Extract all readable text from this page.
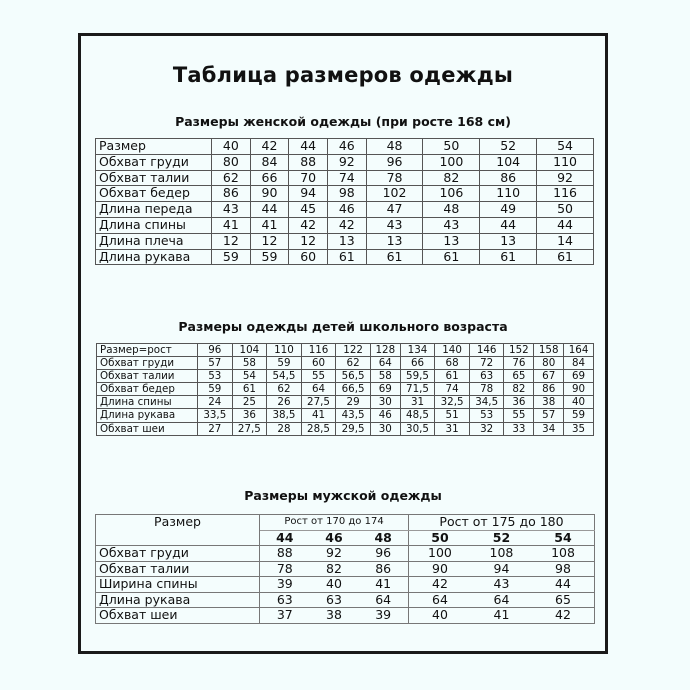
Таблица размеров одежды
Размеры женской одежды (при росте 168 см)
Размер	40	42	44	46	48	50	52	54
Обхват груди	80	84	88	92	96	100	104	110
Обхват талии	62	66	70	74	78	82	86	92
Обхват бедер	86	90	94	98	102	106	110	116
Длина переда	43	44	45	46	47	48	49	50
Длина спины	41	41	42	42	43	43	44	44
Длина плеча	12	12	12	13	13	13	13	14
Длина рукава	59	59	60	61	61	61	61	61
Размеры одежды детей школьного возраста
Размер=рост	96	104	110	116	122	128	134	140	146	152	158	164
Обхват груди	57	58	59	60	62	64	66	68	72	76	80	84
Обхват талии	53	54	54,5	55	56,5	58	59,5	61	63	65	67	69
Обхват бедер	59	61	62	64	66,5	69	71,5	74	78	82	86	90
Длина спины	24	25	26	27,5	29	30	31	32,5	34,5	36	38	40
Длина рукава	33,5	36	38,5	41	43,5	46	48,5	51	53	55	57	59
Обхват шеи	27	27,5	28	28,5	29,5	30	30,5	31	32	33	34	35
Размеры мужской одежды
Размер	Рост от 170 до 174			Рост от 175 до 180		
	44	46	48	50	52	54
Обхват груди	88	92	96	100	108	108
Обхват талии	78	82	86	90	94	98
Ширина спины	39	40	41	42	43	44
Длина рукава	63	63	64	64	64	65
Обхват шеи	37	38	39	40	41	42
